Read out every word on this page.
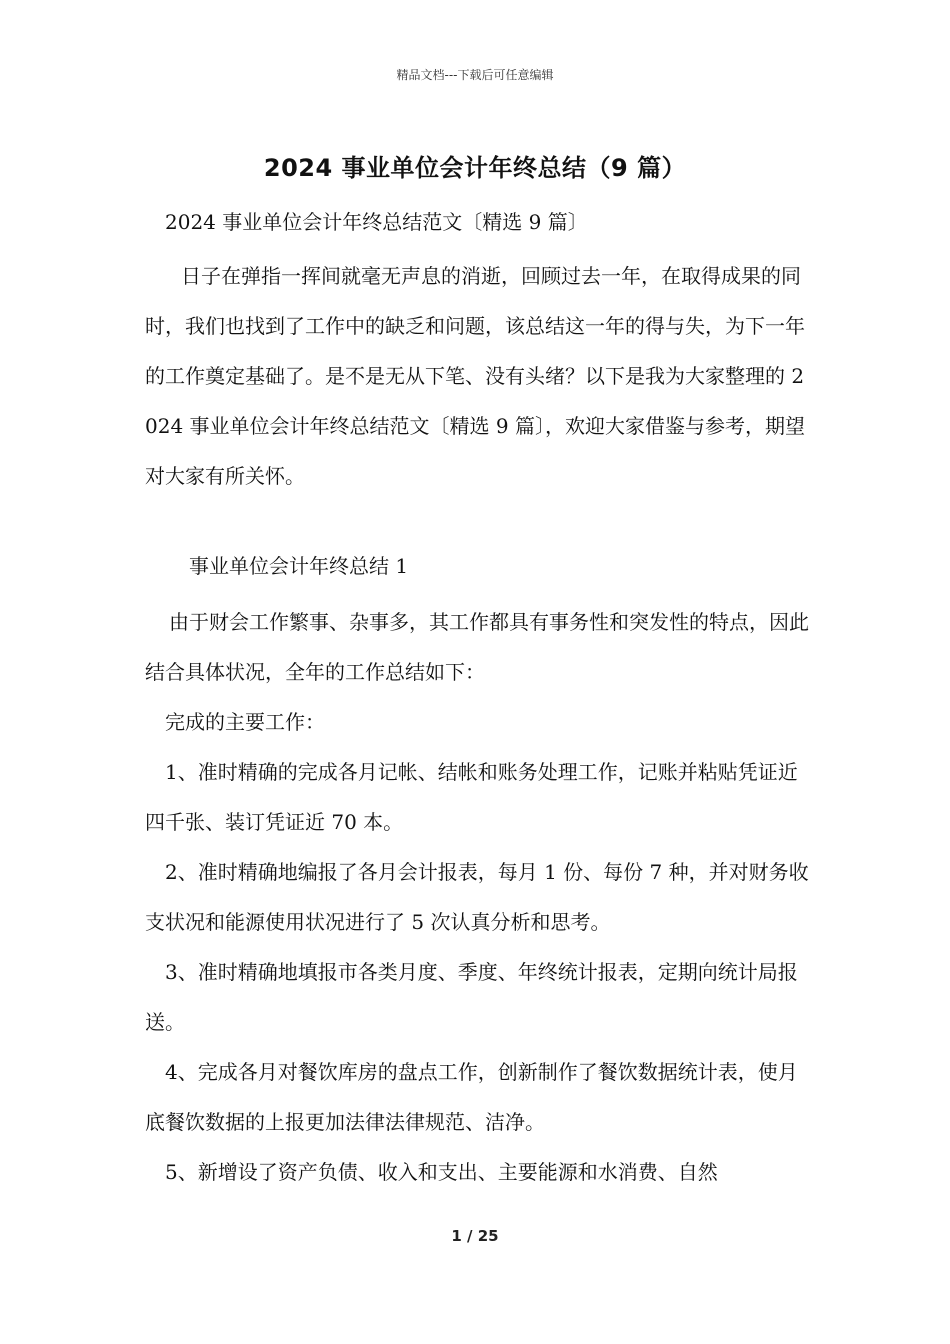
精品文档---下载后可任意编辑
2024 事业单位会计年终总结（9 篇）

2024 事业单位会计年终总结范文〔精选 9 篇〕

日子在弹指一挥间就毫无声息的消逝，回顾过去一年，在取得成果的同时，我们也找到了工作中的缺乏和问题，该总结这一年的得与失，为下一年的工作奠定基础了。是不是无从下笔、没有头绪？以下是我为大家整理的 2024 事业单位会计年终总结范文〔精选 9 篇〕，欢迎大家借鉴与参考，期望对大家有所关怀。

事业单位会计年终总结 1

由于财会工作繁事、杂事多，其工作都具有事务性和突发性的特点，因此结合具体状况，全年的工作总结如下：

完成的主要工作：

1、准时精确的完成各月记帐、结帐和账务处理工作，记账并粘贴凭证近四千张、装订凭证近 70 本。

2、准时精确地编报了各月会计报表，每月 1 份、每份 7 种，并对财务收支状况和能源使用状况进行了 5 次认真分析和思考。

3、准时精确地填报市各类月度、季度、年终统计报表，定期向统计局报送。

4、完成各月对餐饮库房的盘点工作，创新制作了餐饮数据统计表，使月底餐饮数据的上报更加法律法律规范、洁净。

5、新增设了资产负债、收入和支出、主要能源和水消费、自然

1 / 25
